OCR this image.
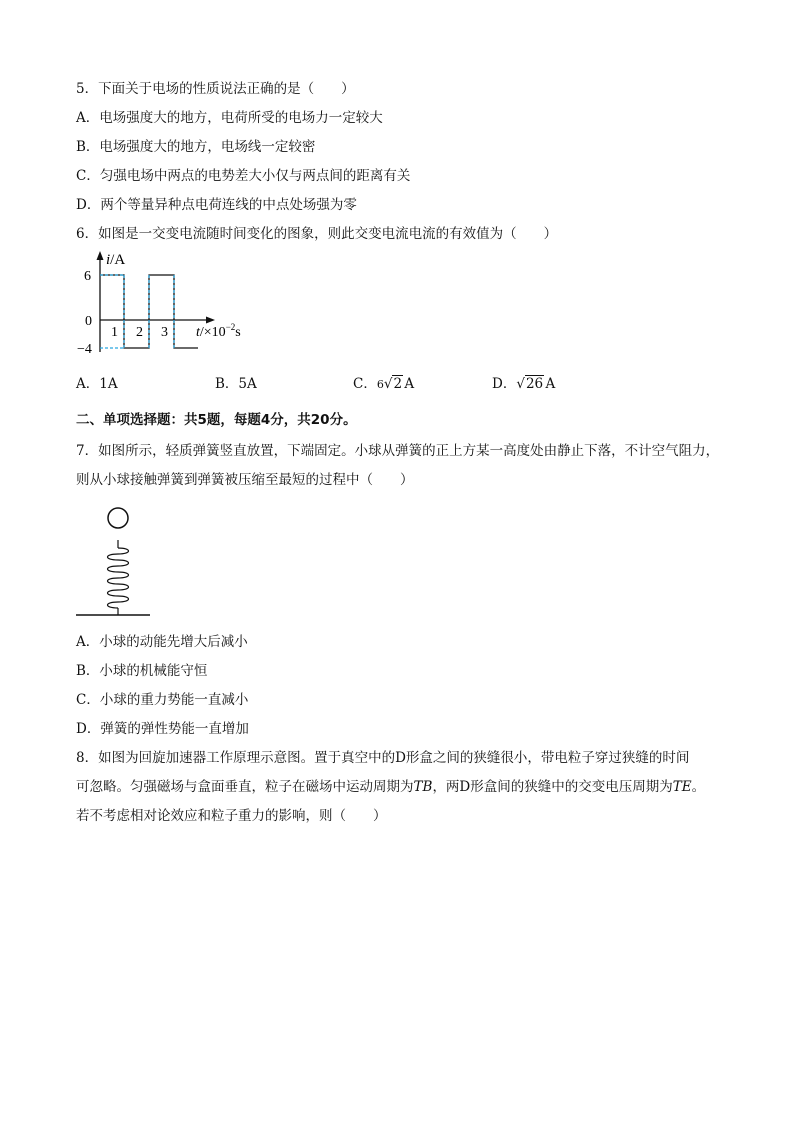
5．下面关于电场的性质说法正确的是（　　）
A．电场强度大的地方，电荷所受的电场力一定较大
B．电场强度大的地方，电场线一定较密
C．匀强电场中两点的电势差大小仅与两点间的距离有关
D．两个等量异种点电荷连线的中点处场强为零
6．如图是一交变电流随时间变化的图象，则此交变电流电流的有效值为（　　）
i/A
6
0
−4
1 2 3 $t/\times 10^{-2}s$
A．1A	B．5A	C．6√2  A	D．√26  A
二、单项选择题：共5题，每题4分，共20分。
7．如图所示，轻质弹簧竖直放置，下端固定。小球从弹簧的正上方某一高度处由静止下落，不计空气阻力，
则从小球接触弹簧到弹簧被压缩至最短的过程中（　　）
A．小球的动能先增大后减小
B．小球的机械能守恒
C．小球的重力势能一直减小
D．弹簧的弹性势能一直增加
8．如图为回旋加速器工作原理示意图。置于真空中的D形盒之间的狭缝很小，带电粒子穿过狭缝的时间
可忽略。匀强磁场与盒面垂直，粒子在磁场中运动周期为TB，两D形盒间的狭缝中的交变电压周期为TE。
若不考虑相对论效应和粒子重力的影响，则（　　）
